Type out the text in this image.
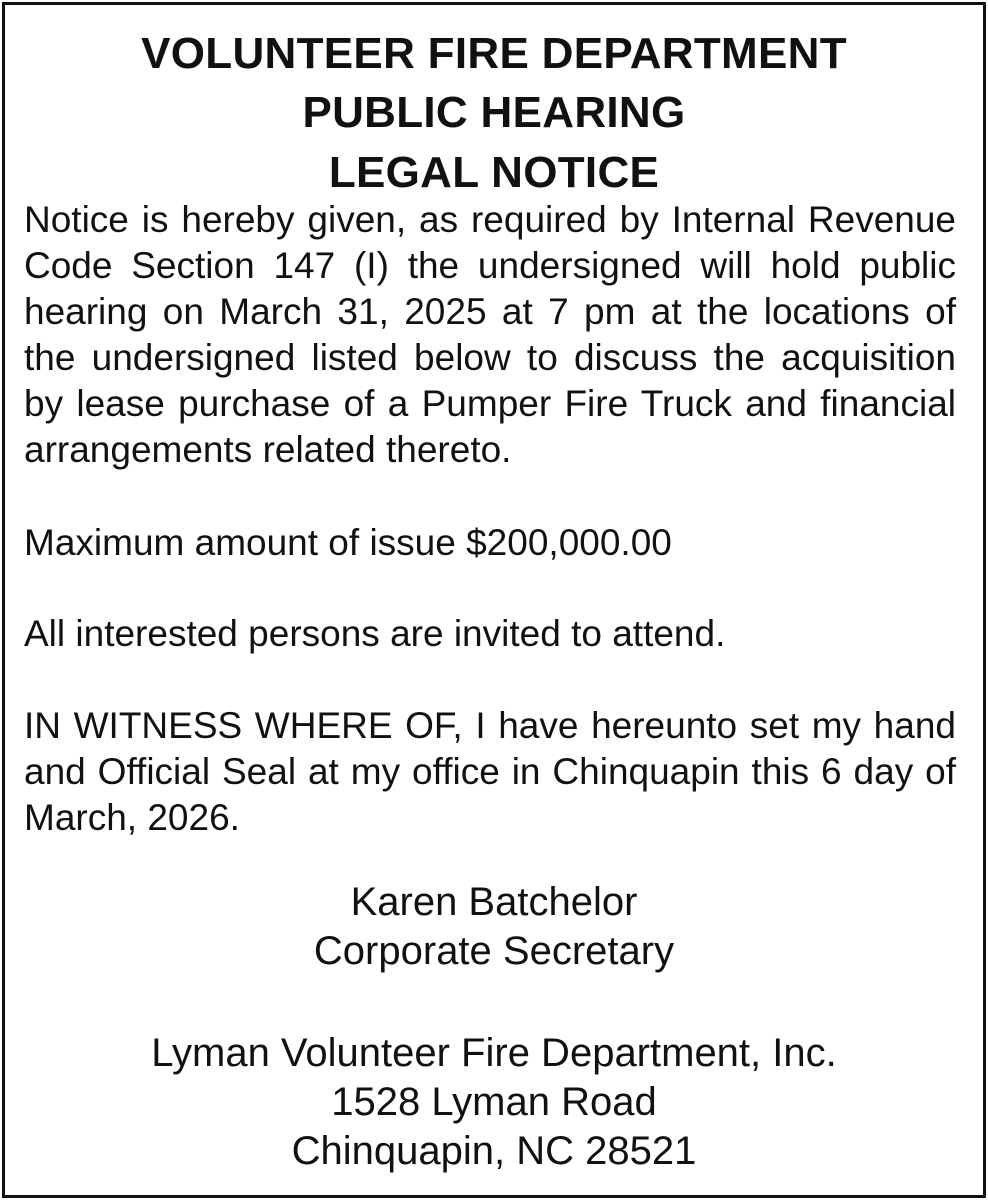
VOLUNTEER FIRE DEPARTMENT
PUBLIC HEARING
LEGAL NOTICE

Notice is hereby given, as required by Internal Revenue Code Section 147 (I) the undersigned will hold public hearing on March 31, 2025 at 7 pm at the locations of the undersigned listed below to discuss the acquisition by lease purchase of a Pumper Fire Truck and financial arrangements related thereto.

Maximum amount of issue $200,000.00

All interested persons are invited to attend.

IN WITNESS WHERE OF, I have hereunto set my hand and Official Seal at my office in Chinquapin this 6 day of March, 2026.

Karen Batchelor
Corporate Secretary
Lyman Volunteer Fire Department, Inc.
1528 Lyman Road
Chinquapin, NC 28521
